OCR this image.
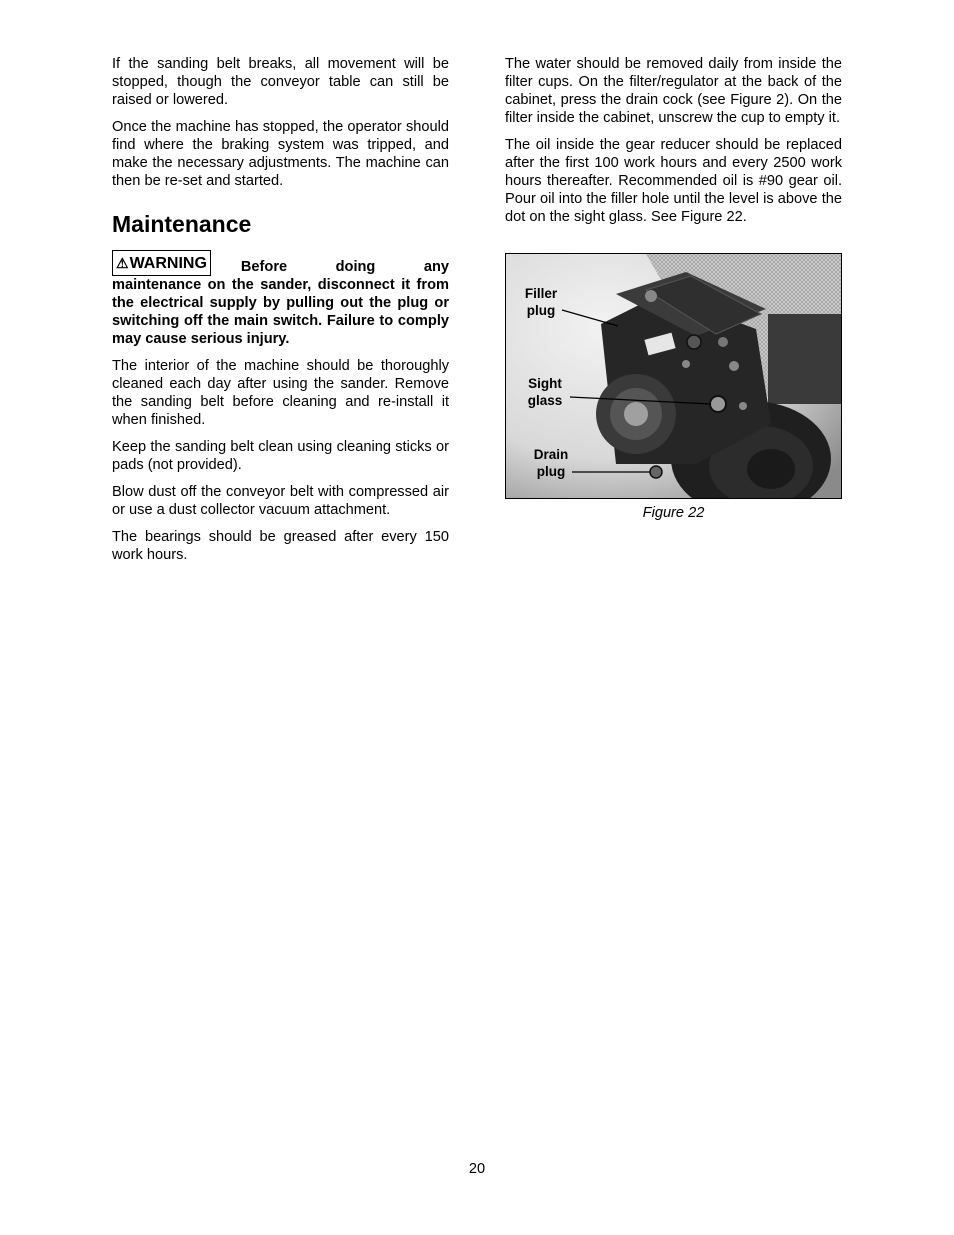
If the sanding belt breaks, all movement will be stopped, though the conveyor table can still be raised or lowered.

Once the machine has stopped, the operator should find where the braking system was tripped, and make the necessary adjustments. The machine can then be re-set and started.

Maintenance

⚠WARNING Before doing any maintenance on the sander, disconnect it from the electrical supply by pulling out the plug or switching off the main switch. Failure to comply may cause serious injury.

The interior of the machine should be thoroughly cleaned each day after using the sander. Remove the sanding belt before cleaning and re-install it when finished.

Keep the sanding belt clean using cleaning sticks or pads (not provided).

Blow dust off the conveyor belt with compressed air or use a dust collector vacuum attachment.

The bearings should be greased after every 150 work hours.

The water should be removed daily from inside the filter cups. On the filter/regulator at the back of the cabinet, press the drain cock (see Figure 2). On the filter inside the cabinet, unscrew the cup to empty it.

The oil inside the gear reducer should be replaced after the first 100 work hours and every 2500 work hours thereafter. Recommended oil is #90 gear oil. Pour oil into the filler hole until the level is above the dot on the sight glass. See Figure 22.

Filler
plug
Sight
glass
Drain
plug
Figure 22
20
